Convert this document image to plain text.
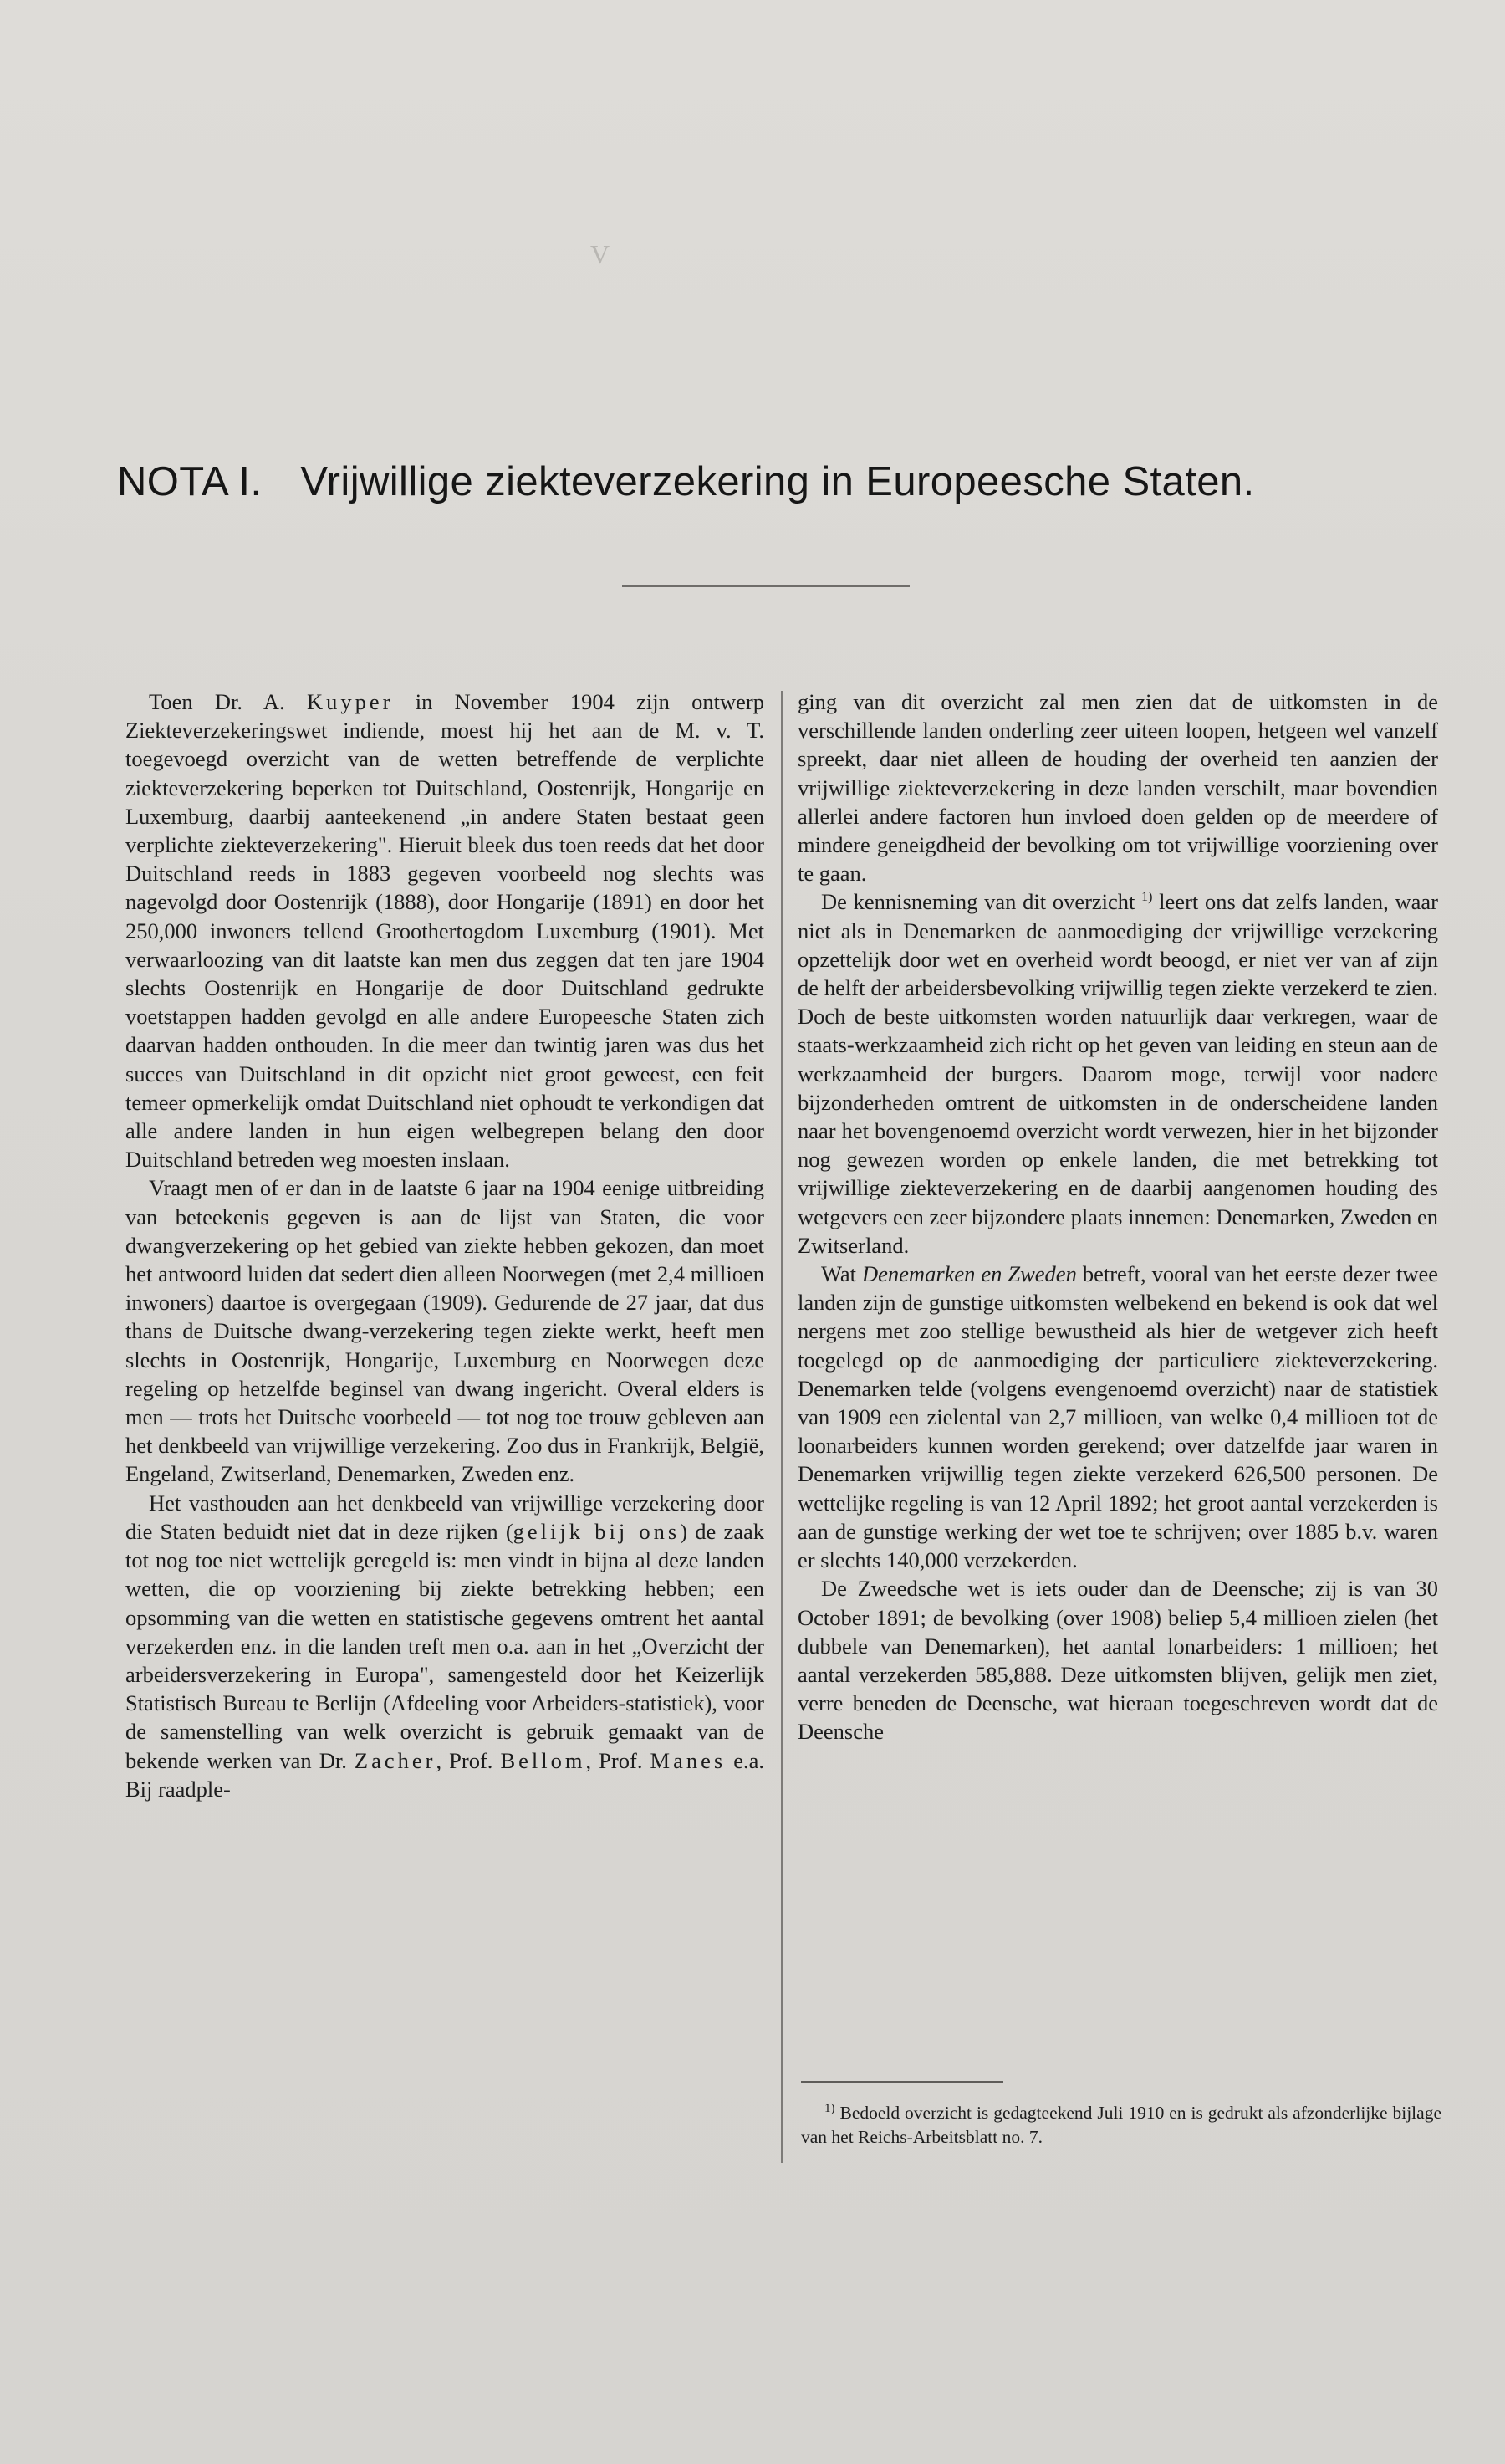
V
NOTA I. Vrijwillige ziekteverzekering in Europeesche Staten.

Toen Dr. A. Kuyper in November 1904 zijn ontwerp Ziekteverzekeringswet indiende, moest hij het aan de M. v. T. toegevoegd overzicht van de wetten betreffende de verplichte ziekteverzekering beperken tot Duitschland, Oostenrijk, Hongarije en Luxemburg, daarbij aanteekenend „in andere Staten bestaat geen verplichte ziekteverzekering". Hieruit bleek dus toen reeds dat het door Duitschland reeds in 1883 gegeven voorbeeld nog slechts was nagevolgd door Oostenrijk (1888), door Hongarije (1891) en door het 250,000 inwoners tellend Groothertogdom Luxemburg (1901). Met verwaarloozing van dit laatste kan men dus zeggen dat ten jare 1904 slechts Oostenrijk en Hongarije de door Duitschland gedrukte voetstappen hadden gevolgd en alle andere Europeesche Staten zich daarvan hadden onthouden. In die meer dan twintig jaren was dus het succes van Duitschland in dit opzicht niet groot geweest, een feit temeer opmerkelijk omdat Duitschland niet ophoudt te verkondigen dat alle andere landen in hun eigen welbegrepen belang den door Duitschland betreden weg moesten inslaan.

Vraagt men of er dan in de laatste 6 jaar na 1904 eenige uitbreiding van beteekenis gegeven is aan de lijst van Staten, die voor dwangverzekering op het gebied van ziekte hebben gekozen, dan moet het antwoord luiden dat sedert dien alleen Noorwegen (met 2,4 millioen inwoners) daartoe is overgegaan (1909). Gedurende de 27 jaar, dat dus thans de Duitsche dwang-verzekering tegen ziekte werkt, heeft men slechts in Oostenrijk, Hongarije, Luxemburg en Noorwegen deze regeling op hetzelfde beginsel van dwang ingericht. Overal elders is men — trots het Duitsche voorbeeld — tot nog toe trouw gebleven aan het denkbeeld van vrijwillige verzekering. Zoo dus in Frankrijk, België, Engeland, Zwitserland, Denemarken, Zweden enz.

Het vasthouden aan het denkbeeld van vrijwillige verzekering door die Staten beduidt niet dat in deze rijken (gelijk bij ons) de zaak tot nog toe niet wettelijk geregeld is: men vindt in bijna al deze landen wetten, die op voorziening bij ziekte betrekking hebben; een opsomming van die wetten en statistische gegevens omtrent het aantal verzekerden enz. in die landen treft men o.a. aan in het „Overzicht der arbeidersverzekering in Europa", samengesteld door het Keizerlijk Statistisch Bureau te Berlijn (Afdeeling voor Arbeiders-statistiek), voor de samenstelling van welk overzicht is gebruik gemaakt van de bekende werken van Dr. Zacher, Prof. Bellom, Prof. Manes e.a. Bij raadple-

ging van dit overzicht zal men zien dat de uitkomsten in de verschillende landen onderling zeer uiteen loopen, hetgeen wel vanzelf spreekt, daar niet alleen de houding der overheid ten aanzien der vrijwillige ziekteverzekering in deze landen verschilt, maar bovendien allerlei andere factoren hun invloed doen gelden op de meerdere of mindere geneigdheid der bevolking om tot vrijwillige voorziening over te gaan.

De kennisneming van dit overzicht $^{1)}$ leert ons dat zelfs landen, waar niet als in Denemarken de aanmoediging der vrijwillige verzekering opzettelijk door wet en overheid wordt beoogd, er niet ver van af zijn de helft der arbeidersbevolking vrijwillig tegen ziekte verzekerd te zien. Doch de beste uitkomsten worden natuurlijk daar verkregen, waar de staats-werkzaamheid zich richt op het geven van leiding en steun aan de werkzaamheid der burgers. Daarom moge, terwijl voor nadere bijzonderheden omtrent de uitkomsten in de onderscheidene landen naar het bovengenoemd overzicht wordt verwezen, hier in het bijzonder nog gewezen worden op enkele landen, die met betrekking tot vrijwillige ziekteverzekering en de daarbij aangenomen houding des wetgevers een zeer bijzondere plaats innemen: Denemarken, Zweden en Zwitserland.

Wat Denemarken en Zweden betreft, vooral van het eerste dezer twee landen zijn de gunstige uitkomsten welbekend en bekend is ook dat wel nergens met zoo stellige bewustheid als hier de wetgever zich heeft toegelegd op de aanmoediging der particuliere ziekteverzekering. Denemarken telde (volgens evengenoemd overzicht) naar de statistiek van 1909 een zielental van 2,7 millioen, van welke 0,4 millioen tot de loonarbeiders kunnen worden gerekend; over datzelfde jaar waren in Denemarken vrijwillig tegen ziekte verzekerd 626,500 personen. De wettelijke regeling is van 12 April 1892; het groot aantal verzekerden is aan de gunstige werking der wet toe te schrijven; over 1885 b.v. waren er slechts 140,000 verzekerden.

De Zweedsche wet is iets ouder dan de Deensche; zij is van 30 October 1891; de bevolking (over 1908) beliep 5,4 millioen zielen (het dubbele van Denemarken), het aantal lonarbeiders: 1 millioen; het aantal verzekerden 585,888. Deze uitkomsten blijven, gelijk men ziet, verre beneden de Deensche, wat hieraan toegeschreven wordt dat de Deensche

$^{1)}$ Bedoeld overzicht is gedagteekend Juli 1910 en is gedrukt als afzonderlijke bijlage van het Reichs-Arbeitsblatt no. 7.
